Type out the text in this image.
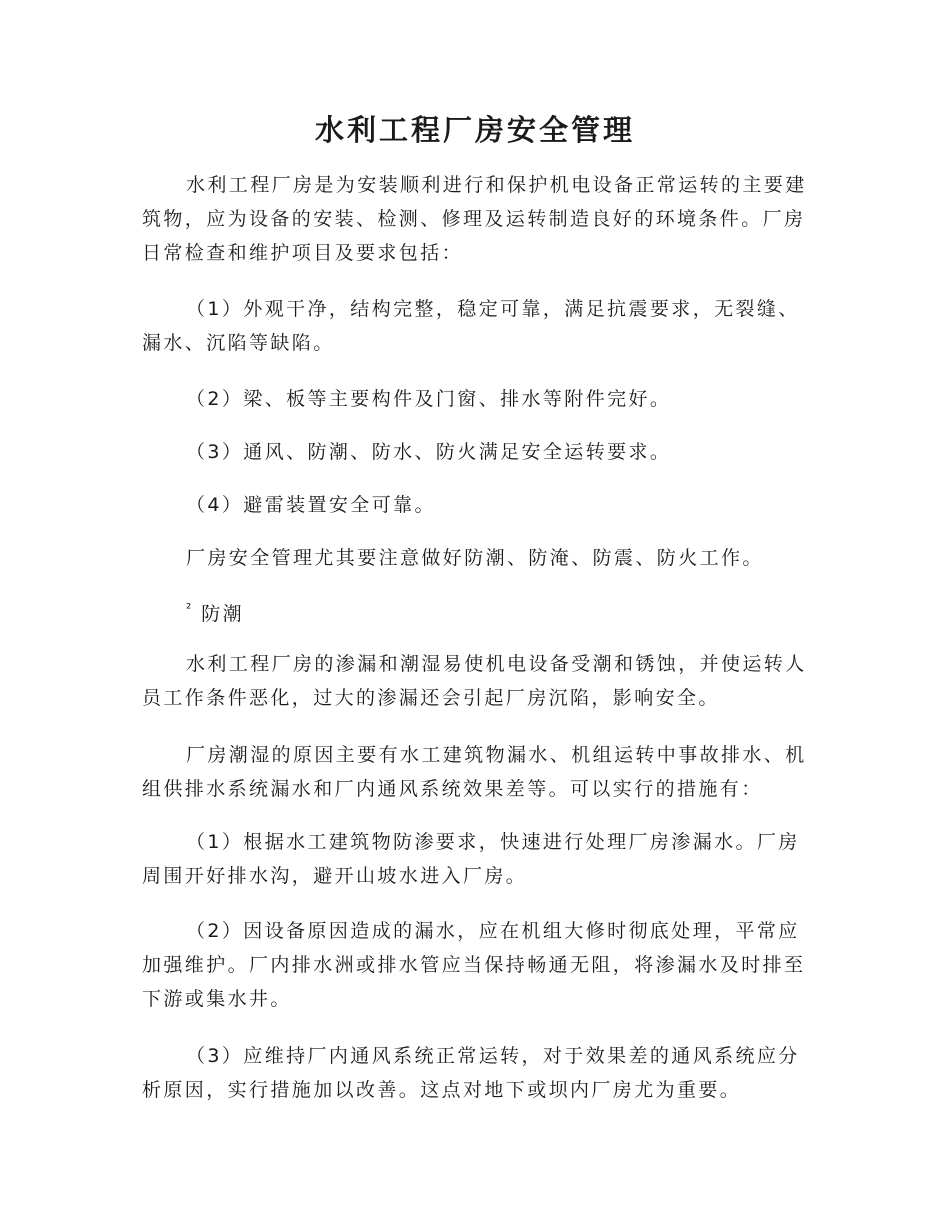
水利工程厂房安全管理

水利工程厂房是为安装顺利进行和保护机电设备正常运转的主要建筑物，应为设备的安装、检测、修理及运转制造良好的环境条件。厂房日常检查和维护项目及要求包括：

（1）外观干净，结构完整，稳定可靠，满足抗震要求，无裂缝、漏水、沉陷等缺陷。

（2）梁、板等主要构件及门窗、排水等附件完好。

（3）通风、防潮、防水、防火满足安全运转要求。

（4）避雷装置安全可靠。

厂房安全管理尤其要注意做好防潮、防淹、防震、防火工作。

$^{^2}$ 防潮

水利工程厂房的渗漏和潮湿易使机电设备受潮和锈蚀，并使运转人员工作条件恶化，过大的渗漏还会引起厂房沉陷，影响安全。

厂房潮湿的原因主要有水工建筑物漏水、机组运转中事故排水、机组供排水系统漏水和厂内通风系统效果差等。可以实行的措施有：

（1）根据水工建筑物防渗要求，快速进行处理厂房渗漏水。厂房周围开好排水沟，避开山坡水进入厂房。

（2）因设备原因造成的漏水，应在机组大修时彻底处理，平常应加强维护。厂内排水洲或排水管应当保持畅通无阻，将渗漏水及时排至下游或集水井。

（3）应维持厂内通风系统正常运转，对于效果差的通风系统应分析原因，实行措施加以改善。这点对地下或坝内厂房尤为重要。
